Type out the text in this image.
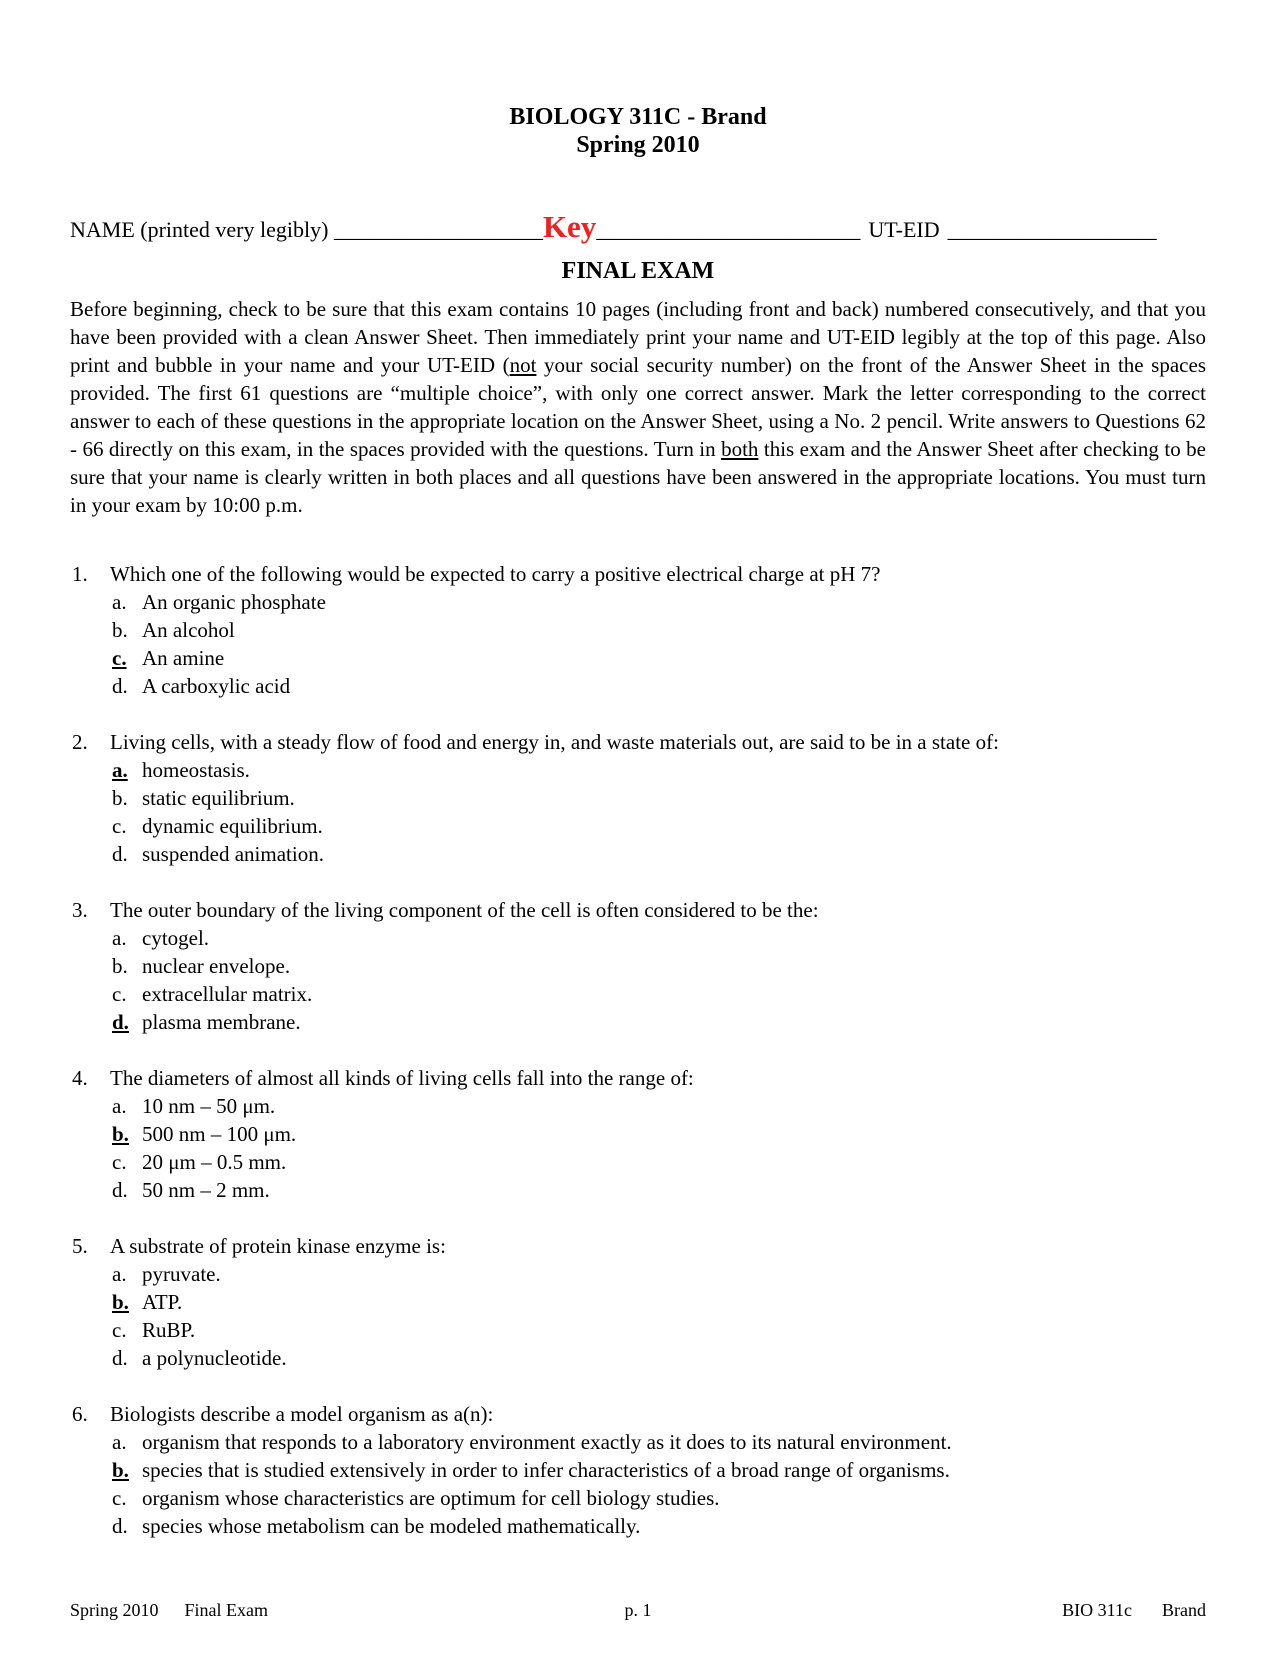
BIOLOGY 311C - Brand
Spring 2010
NAME (printed very legibly) ___________________Key________________________ UT-EID ___________________
FINAL EXAM

Before beginning, check to be sure that this exam contains 10 pages (including front and back) numbered consecutively, and that you have been provided with a clean Answer Sheet. Then immediately print your name and UT-EID legibly at the top of this page. Also print and bubble in your name and your UT-EID (not your social security number) on the front of the Answer Sheet in the spaces provided. The first 61 questions are “multiple choice”, with only one correct answer. Mark the letter corresponding to the correct answer to each of these questions in the appropriate location on the Answer Sheet, using a No. 2 pencil. Write answers to Questions 62 - 66 directly on this exam, in the spaces provided with the questions. Turn in both this exam and the Answer Sheet after checking to be sure that your name is clearly written in both places and all questions have been answered in the appropriate locations. You must turn in your exam by 10:00 p.m.

1. Which one of the following would be expected to carry a positive electrical charge at pH 7?
a. An organic phosphate
b. An alcohol
c. An amine
d. A carboxylic acid
2. Living cells, with a steady flow of food and energy in, and waste materials out, are said to be in a state of:
a. homeostasis.
b. static equilibrium.
c. dynamic equilibrium.
d. suspended animation.
3. The outer boundary of the living component of the cell is often considered to be the:
a. cytogel.
b. nuclear envelope.
c. extracellular matrix.
d. plasma membrane.
4. The diameters of almost all kinds of living cells fall into the range of:
a. 10 nm – 50 μm.
b. 500 nm – 100 μm.
c. 20 μm – 0.5 mm.
d. 50 nm – 2 mm.
5. A substrate of protein kinase enzyme is:
a. pyruvate.
b. ATP.
c. RuBP.
d. a polynucleotide.
6. Biologists describe a model organism as a(n):
a. organism that responds to a laboratory environment exactly as it does to its natural environment.
b. species that is studied extensively in order to infer characteristics of a broad range of organisms.
c. organism whose characteristics are optimum for cell biology studies.
d. species whose metabolism can be modeled mathematically.
Spring 2010 Final Exam	p. 1	BIO 311c Brand
